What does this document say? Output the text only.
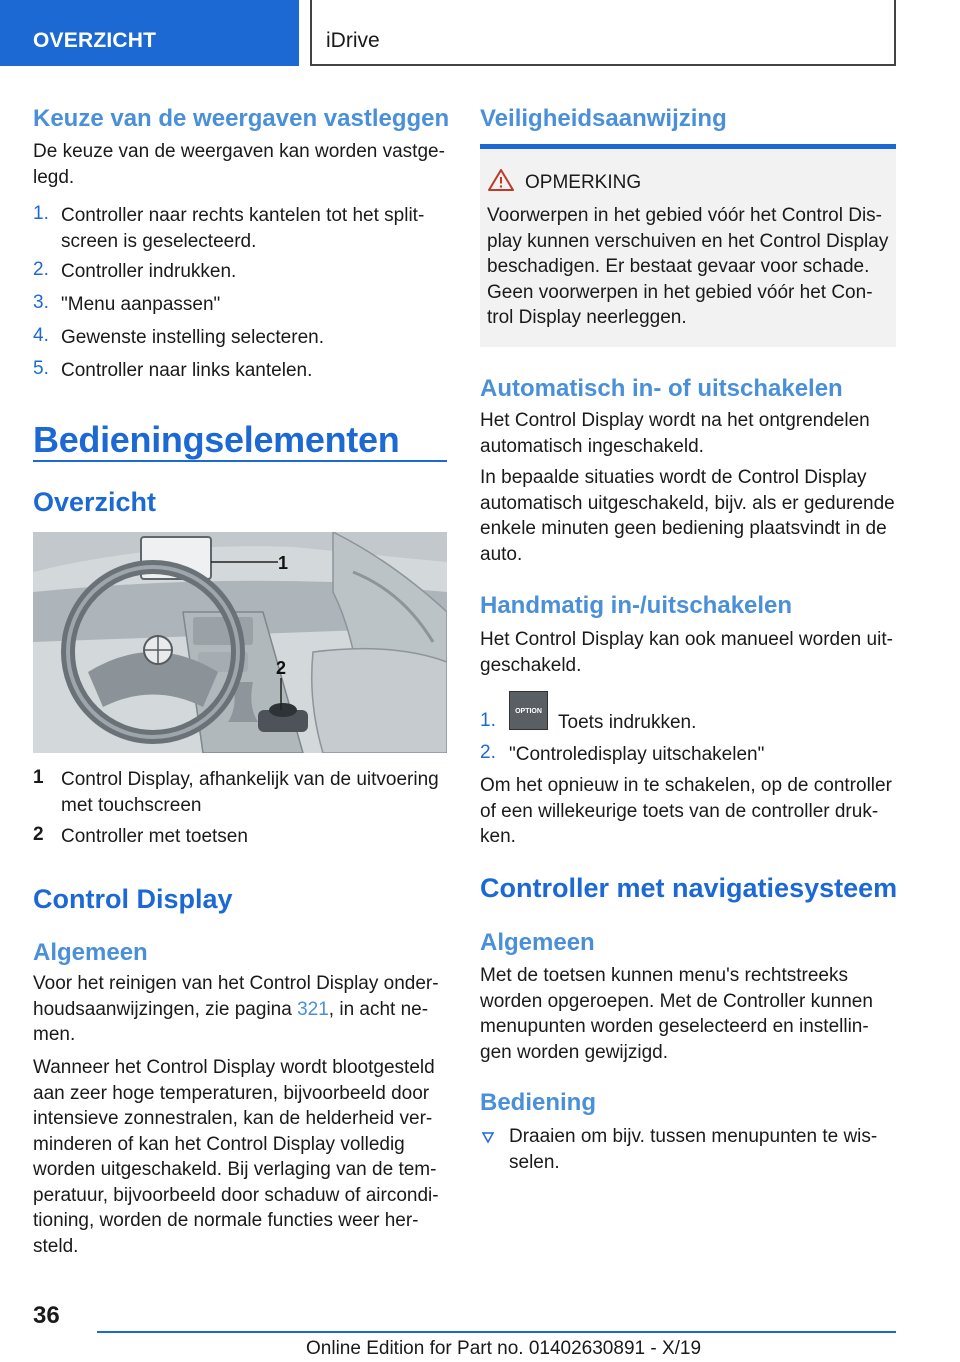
OVERZICHT	iDrive
Keuze van de weergaven vastleggen
De keuze van de weergaven kan worden vastge-
legd.
1. Controller naar rechts kantelen tot het split-
screen is geselecteerd.
2. Controller indrukken.
3. "Menu aanpassen"
4. Gewenste instelling selecteren.
5. Controller naar links kantelen.
Bedieningselementen
Overzicht
1
2
1 Control Display, afhankelijk van de uitvoering
met touchscreen
2 Controller met toetsen
Control Display
Algemeen
Voor het reinigen van het Control Display onder-
houdsaanwijzingen, zie pagina 321, in acht ne-
men.
Wanneer het Control Display wordt blootgesteld
aan zeer hoge temperaturen, bijvoorbeeld door
intensieve zonnestralen, kan de helderheid ver-
minderen of kan het Control Display volledig
worden uitgeschakeld. Bij verlaging van de tem-
peratuur, bijvoorbeeld door schaduw of aircondi-
tioning, worden de normale functies weer her-
steld.
Veiligheidsaanwijzing
OPMERKING
Voorwerpen in het gebied vóór het Control Dis-
play kunnen verschuiven en het Control Display
beschadigen. Er bestaat gevaar voor schade.
Geen voorwerpen in het gebied vóór het Con-
trol Display neerleggen.
Automatisch in- of uitschakelen
Het Control Display wordt na het ontgrendelen
automatisch ingeschakeld.
In bepaalde situaties wordt de Control Display
automatisch uitgeschakeld, bijv. als er gedurende
enkele minuten geen bediening plaatsvindt in de
auto.
Handmatig in-/uitschakelen
Het Control Display kan ook manueel worden uit-
geschakeld.
1.	OPTION
Toets indrukken.
2. "Controledisplay uitschakelen"
Om het opnieuw in te schakelen, op de controller
of een willekeurige toets van de controller druk-
ken.
Controller met navigatiesysteem
Algemeen
Met de toetsen kunnen menu's rechtstreeks
worden opgeroepen. Met de Controller kunnen
menupunten worden geselecteerd en instellin-
gen worden gewijzigd.
Bediening
Draaien om bijv. tussen menupunten te wis-
selen.
36
Online Edition for Part no. 01402630891 - X/19
